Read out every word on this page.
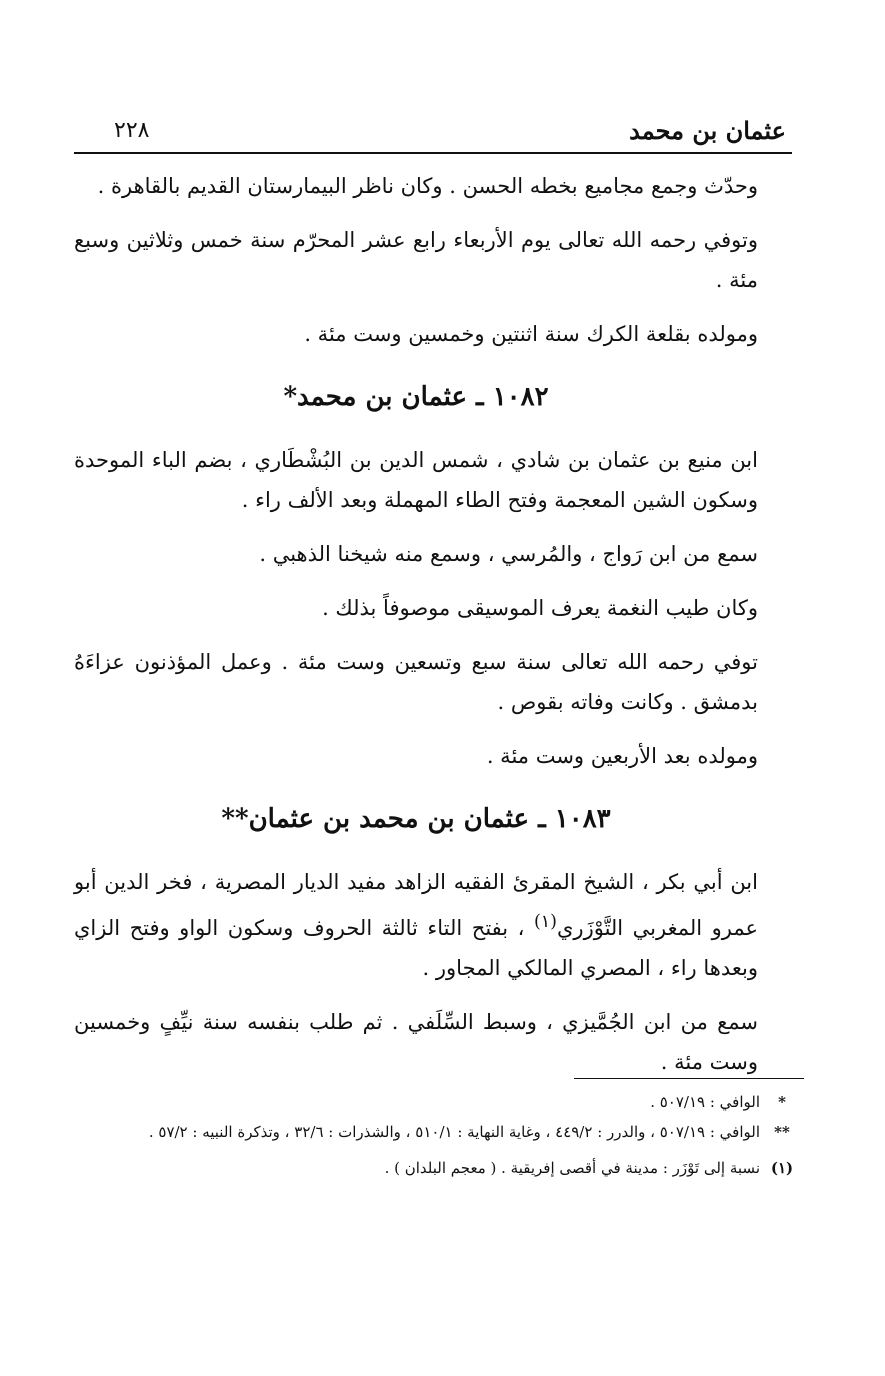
عثمان بن محمد
٢٢٨

وحدّث وجمع مجاميع بخطه الحسن . وكان ناظر البيمارستان القديم بالقاهرة .

وتوفي رحمه الله تعالى يوم الأربعاء رابع عشر المحرّم سنة خمس وثلاثين وسبع مئة .

ومولده بقلعة الكرك سنة اثنتين وخمسين وست مئة .

١٠٨٢ ـ عثمان بن محمد*

ابن منيع بن عثمان بن شادي ، شمس الدين بن البُشْطَاري ، بضم الباء الموحدة وسكون الشين المعجمة وفتح الطاء المهملة وبعد الألف راء .

سمع من ابن رَواج ، والمُرسي ، وسمع منه شيخنا الذهبي .

وكان طيب النغمة يعرف الموسيقى موصوفاً بذلك .

توفي رحمه الله تعالى سنة سبع وتسعين وست مئة . وعمل المؤذنون عزاءَهُ بدمشق . وكانت وفاته بقوص .

ومولده بعد الأربعين وست مئة .

١٠٨٣ ـ عثمان بن محمد بن عثمان**

ابن أبي بكر ، الشيخ المقرئ الفقيه الزاهد مفيد الديار المصرية ، فخر الدين أبو عمرو المغربي التَّوْزَري$^{(١)}$ ، بفتح التاء ثالثة الحروف وسكون الواو وفتح الزاي وبعدها راء ، المصري المالكي المجاور .

سمع من ابن الجُمَّيزي ، وسبط السِّلَفي . ثم طلب بنفسه سنة نيِّفٍ وخمسين وست مئة .

*
الوافي : ٥٠٧/١٩ .
**
الوافي : ٥٠٧/١٩ ، والدرر : ٤٤٩/٢ ، وغاية النهاية : ٥١٠/١ ، والشذرات : ٣٢/٦ ، وتذكرة النبيه : ٥٧/٢ .
(١)
نسبة إلى تَوْزَر : مدينة في أقصى إفريقية . ( معجم البلدان ) .
